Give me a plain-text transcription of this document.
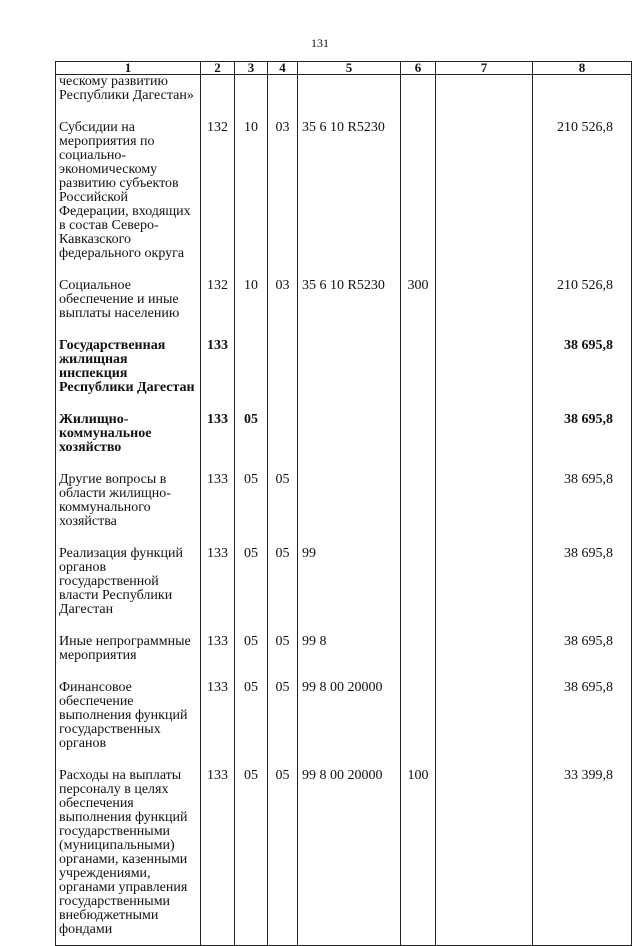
131
1	2	3	4	5	6	7	8
ческому развитию Республики Дагестан»							
Субсидии на мероприятия по социально-экономическому развитию субъектов Российской Федерации, входящих в состав Северо-Кавказского федерального округа	132	10	03	35 6 10 R5230			210 526,8
Социальное обеспечение и иные выплаты населению	132	10	03	35 6 10 R5230	300		210 526,8
Государственная жилищная инспекция Республики Дагестан	133						38 695,8
Жилищно-коммунальное хозяйство	133	05					38 695,8
Другие вопросы в области жилищно-коммунального хозяйства	133	05	05				38 695,8
Реализация функций органов государственной власти Республики Дагестан	133	05	05	99			38 695,8
Иные непрограммные мероприятия	133	05	05	99 8			38 695,8
Финансовое обеспечение выполнения функций государственных органов	133	05	05	99 8 00 20000			38 695,8
Расходы на выплаты персоналу в целях обеспечения выполнения функций государственными (муниципальными) органами, казенными учреждениями, органами управления государственными внебюджетными фондами	133	05	05	99 8 00 20000	100		33 399,8
